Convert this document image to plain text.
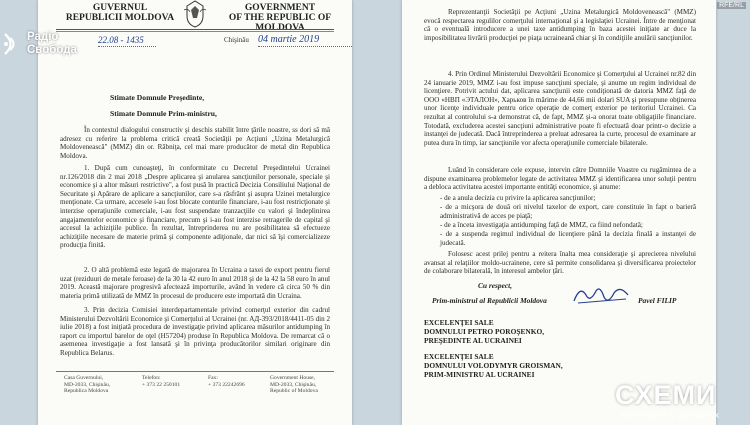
GUVERNUL
REPUBLICII MOLDOVA
GOVERNMENT
OF THE REPUBLIC OF MOLDOVA
22.08 - 1435	Chişinău 04 martie 2019
Stimate Domnule Preşedinte,
Stimate Domnule Prim-ministru,
În contextul dialogului constructiv şi deschis stabilit între ţările noastre, ss dori să mă adresez cu referire la problema critică creată Societăţii pe Acţiuni „Uzina Metalurgică Moldovenească" (MMZ) din or. Râbniţa, cel mai mare producător de metal din Republica Moldova.
1. După cum cunoaşteţi, în conformitate cu Decretul Preşedintelui Ucrainei nr.126/2018 din 2 mai 2018 „Despre aplicarea şi anularea sancţiunilor personale, speciale şi economice şi a altor măsuri restrictive", a fost pusă în practică Decizia Consiliului Naţional de Securitate şi Apărare de aplicare a sancţiunilor, care s-a răsfrânt şi asupra Uzinei metalurgice menţionate. Ca urmare, accesele i-au fost blocate conturile financiare, i-au fost restricţionate şi interzise operaţiunile comerciale, i-au fost suspendate tranzacţiile cu valori şi îndeplinirea angajamentelor economice şi financiare, precum şi i-au fost interzise retragerile de capital şi accesul la achiziţiile publice. În rezultat, întreprinderea nu are posibilitatea să efectueze achiziţiile necesare de materie primă şi componente adiţionale, dar nici să îşi comercializeze producţia finită.
2. O altă problemă este legată de majorarea în Ucraina a taxei de export pentru fierul uzat (reziduuri de metale feroase) de la 30 la 42 euro în anul 2018 şi de la 42 la 58 euro în anul 2019. Această majorare progresivă afectează importurile, având în vedere că circa 50 % din materia primă utilizată de MMZ în procesul de producere este importată din Ucraina.
3. Prin decizia Comisiei interdepartamentale privind comerţul exterior din cadrul Ministerului Dezvoltării Economice şi Comerţului al Ucrainei (nr. AД-393/2018/4411-05 din 2 iulie 2018) a fost iniţiată procedura de investigaţie privind aplicarea măsurilor antidumping în raport cu importul barelor de oţel (H57204) produse în Republica Moldova. De remarcat că o asemenea investigaţie a fost lansată şi în privinţa producătorilor similari originare din Republica Belarus.
Casa Guvernului,
MD-2033, Chişinău,
Republica Moldova
Telefon:
+ 373 22 250101
Fax:
+ 373 22242696
Government House,
MD-2033, Chişinău,
Republic of Moldova
Reprezentanţii Societăţii pe Acţiuni „Uzina Metalurgică Moldovenească" (MMZ) evocă respectarea regulilor comerţului internaţional şi a legislaţiei Ucrainei. Între de menţionat că o eventuală introducere a unei taxe antidumping în baza acestei iniţiate ar duce la imposibilitatea livrării producţiei pe piaţa ucraineană chiar şi în condiţiile anulării sancţiunilor.
4. Prin Ordinul Ministerului Dezvoltării Economice şi Comerţului al Ucrainei nr.82 din 24 ianuarie 2019, MMZ i-au fost impuse sancţiuni speciale, şi anume un regim individual de licenţiere. Potrivit actului dat, aplicarea sancţiunii este condiţionată de datoria MMZ faţă de ООО «НВП «ЭТАЛОН», Харьков în mărime de 44,66 mii dolari SUA şi presupune obţinerea unor licenţe individuale pentru orice operaţie de comerţ exterior pe teritoriul Ucrainei. Ca rezultat al controlului s-a demonstrat că, de fapt, MMZ şi-a onorat toate obligaţiile financiare. Totodată, excluderea acestei sancţiuni administrative poate fi efectuată doar printr-o decizie a instanţei de judecată. Dacă întreprinderea a preluat adresarea la curte, procesul de examinare ar putea dura în timp, iar sancţiunile vor afecta operaţiunile comerciale bilaterale.
Luând în considerare cele expuse, intervin către Domniile Voastre cu rugămintea de a dispune examinarea problemelor legate de activitatea MMZ şi identificarea unor soluţii pentru a debloca activitatea acestei importante entităţi economice, şi anume:
- de a anula decizia cu privire la aplicarea sancţiunilor;
- de a micşora de două ori nivelul taxelor de export, care constituie în fapt o barieră administrativă de acces pe piaţă;
- de a înceta investigaţia antidumping faţă de MMZ, ca fiind nefondată;
- de a suspenda regimul individual de licenţiere până la decizia finală a instanţei de judecată.
Folosesc acest prilej pentru a reitera înalta mea consideraţie şi aprecierea nivelului avansat al relaţiilor moldo-ucrainene, cere să permite consolidarea şi diversificarea proiectelor de colaborare bilaterală, în interesul ambelor ţări.
Cu respect,
Prim-ministrul al Republicii Moldova	Pavel FILIP
EXCELENŢEI SALE
DOMNULUI PETRO POROŞENKO,
PREŞEDINTE AL UCRAINEI
EXCELENŢEI SALE
DOMNULUI VOLODYMYR GROISMAN,
PRIM-MINISTRU AL UCRAINEI
Радіо
Свобода
RFE/RL
СХЕМИ
КОРУПЦІЯ В ДЕТАЛЯХ
